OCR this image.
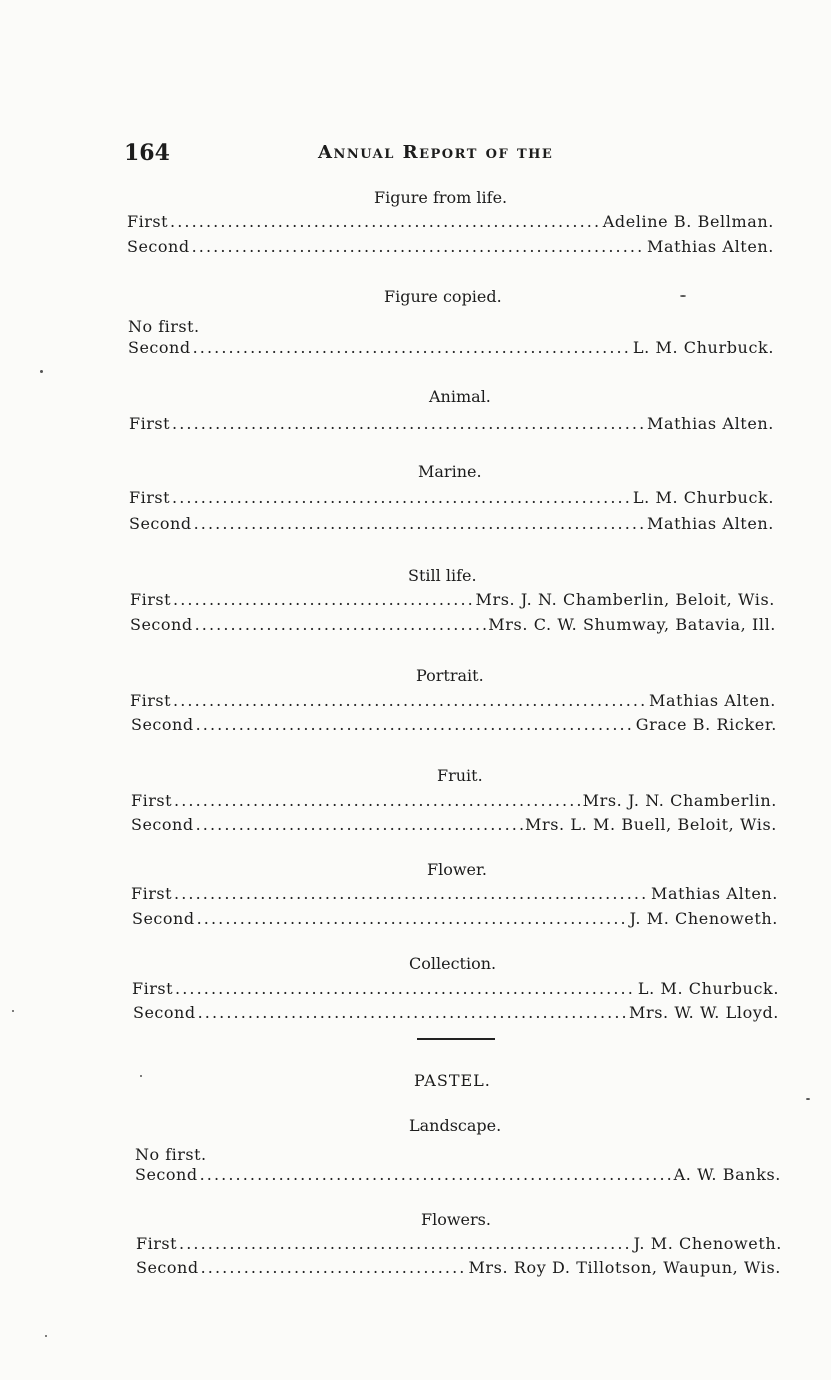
164	Annual Report of the
Figure from life.
First .....	Adeline B. Bellman.
Second .....	Mathias Alten.
Figure copied.
No first.
Second .....	L. M. Churbuck.
Animal.
First .....	Mathias Alten.
Marine.
First .....	L. M. Churbuck.
Second .....	Mathias Alten.
Still life.
First .....	Mrs. J. N. Chamberlin, Beloit, Wis.
Second .....	Mrs. C. W. Shumway, Batavia, Ill.
Portrait.
First .....	Mathias Alten.
Second .....	Grace B. Ricker.
Fruit.
First .....	Mrs. J. N. Chamberlin.
Second .....	Mrs. L. M. Buell, Beloit, Wis.
Flower.
First .....	Mathias Alten.
Second .....	J. M. Chenoweth.
Collection.
First .....	L. M. Churbuck.
Second .....	Mrs. W. W. Lloyd.
PASTEL.
Landscape.
No first.
Second .....	A. W. Banks.
Flowers.
First .....	J. M. Chenoweth.
Second .....	Mrs. Roy D. Tillotson, Waupun, Wis.
